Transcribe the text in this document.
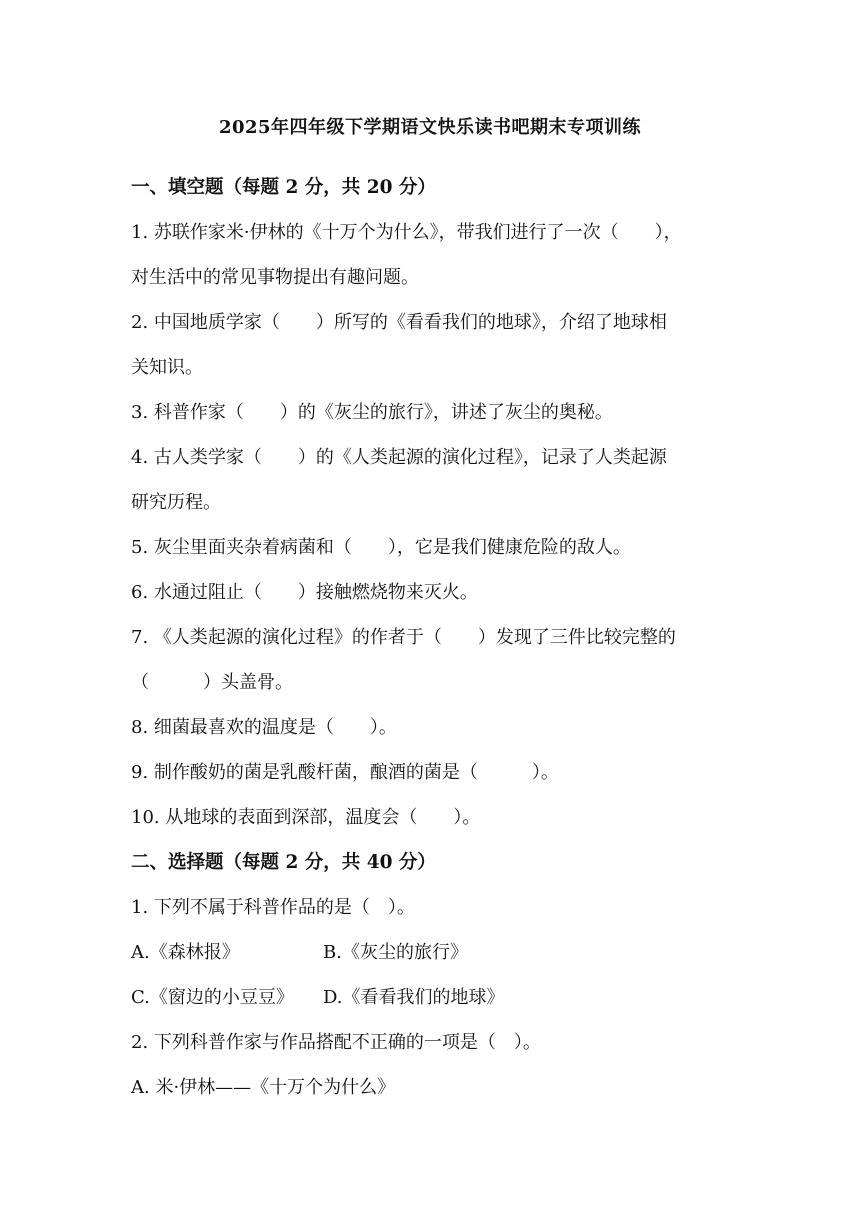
2025年四年级下学期语文快乐读书吧期末专项训练
一、填空题（每题 2 分，共 20 分）
1. 苏联作家米·伊林的《十万个为什么》，带我们进行了一次（　　），
对生活中的常见事物提出有趣问题。
2. 中国地质学家（　　）所写的《看看我们的地球》，介绍了地球相
关知识。
3. 科普作家（　　）的《灰尘的旅行》，讲述了灰尘的奥秘。
4. 古人类学家（　　）的《人类起源的演化过程》，记录了人类起源
研究历程。
5. 灰尘里面夹杂着病菌和（　　），它是我们健康危险的敌人。
6. 水通过阻止（　　）接触燃烧物来灭火。
7. 《人类起源的演化过程》的作者于（　　）发现了三件比较完整的
（　　　）头盖骨。
8. 细菌最喜欢的温度是（　　）。
9. 制作酸奶的菌是乳酸杆菌，酿酒的菌是（　　　）。
10. 从地球的表面到深部，温度会（　　）。
二、选择题（每题 2 分，共 40 分）
1. 下列不属于科普作品的是（　）。
A.《森林报》	B.《灰尘的旅行》
C.《窗边的小豆豆》 D.《看看我们的地球》
2. 下列科普作家与作品搭配不正确的一项是（　）。
A. 米·伊林——《十万个为什么》
